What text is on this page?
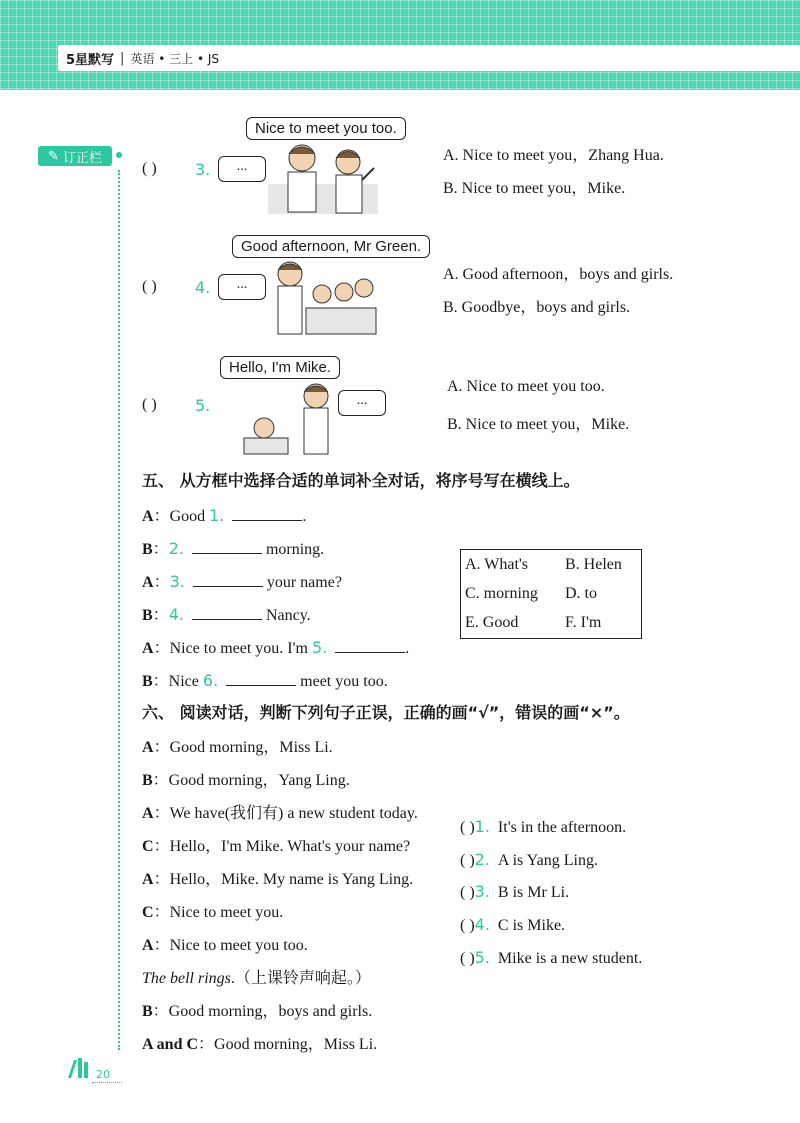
5星默写 | 英语 • 三上 • JS
✎ 订正栏
Nice to meet you too.
...
( ) 3.
A. Nice to meet you，Zhang Hua.
B. Nice to meet you，Mike.
Good afternoon, Mr Green.
...
( ) 4.
A. Good afternoon，boys and girls.
B. Goodbye，boys and girls.
Hello, I'm Mike.
...
( ) 5.
A. Nice to meet you too.
B. Nice to meet you，Mike.
五、 从方框中选择合适的单词补全对话，将序号写在横线上。
A：Good 1.	.
B：2.	morning.
A：3.	your name?
B：4.	Nancy.
A：Nice to meet you. I'm 5.	.
B：Nice 6.	meet you too.
A. What's	B. Helen
C. morning	D. to
E. Good	F. I'm
六、 阅读对话，判断下列句子正误，正确的画“√”，错误的画“×”。
A：Good morning，Miss Li.
B：Good morning，Yang Ling.
A：We have(我们有) a new student today.
C：Hello，I'm Mike. What's your name?
A：Hello，Mike. My name is Yang Ling.
C：Nice to meet you.
A：Nice to meet you too.
The bell rings.（上课铃声响起。）
B：Good morning，boys and girls.
A and C：Good morning，Miss Li.
( )1. It's in the afternoon.
( )2. A is Yang Ling.
( )3. B is Mr Li.
( )4. C is Mike.
( )5. Mike is a new student.
20
